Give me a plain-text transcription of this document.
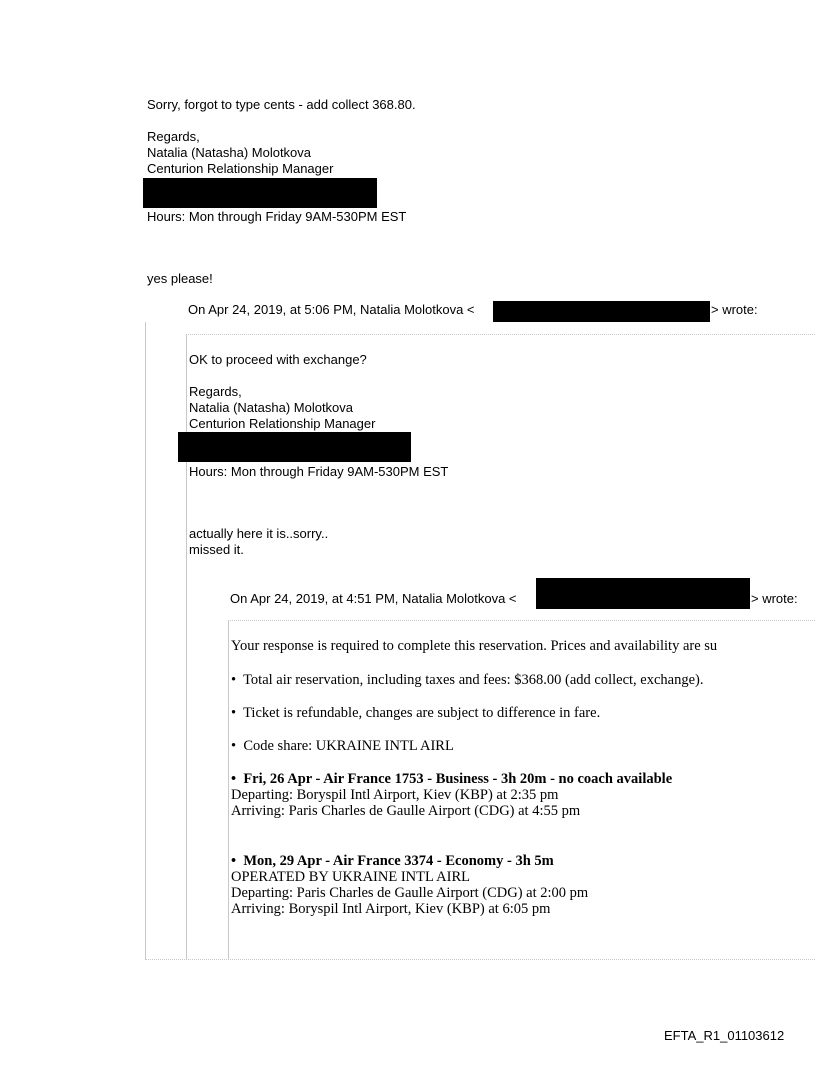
Sorry, forgot to type cents - add collect 368.80.
Regards,
Natalia (Natasha) Molotkova
Centurion Relationship Manager
Hours: Mon through Friday 9AM-530PM EST
yes please!
On Apr 24, 2019, at 5:06 PM, Natalia Molotkova <	> wrote:
OK to proceed with exchange?
Regards,
Natalia (Natasha) Molotkova
Centurion Relationship Manager
Hours: Mon through Friday 9AM-530PM EST
actually here it is..sorry..
missed it.
On Apr 24, 2019, at 4:51 PM, Natalia Molotkova <	> wrote:
Your response is required to complete this reservation. Prices and availability are su
•  Total air reservation, including taxes and fees: $368.00 (add collect, exchange).
•  Ticket is refundable, changes are subject to difference in fare.
•  Code share: UKRAINE INTL AIRL
•  Fri, 26 Apr - Air France 1753 - Business - 3h 20m - no coach available
Departing: Boryspil Intl Airport, Kiev (KBP) at 2:35 pm
Arriving: Paris Charles de Gaulle Airport (CDG) at 4:55 pm
•  Mon, 29 Apr - Air France 3374 - Economy - 3h 5m
OPERATED BY UKRAINE INTL AIRL
Departing: Paris Charles de Gaulle Airport (CDG) at 2:00 pm
Arriving: Boryspil Intl Airport, Kiev (KBP) at 6:05 pm
EFTA_R1_01103612
